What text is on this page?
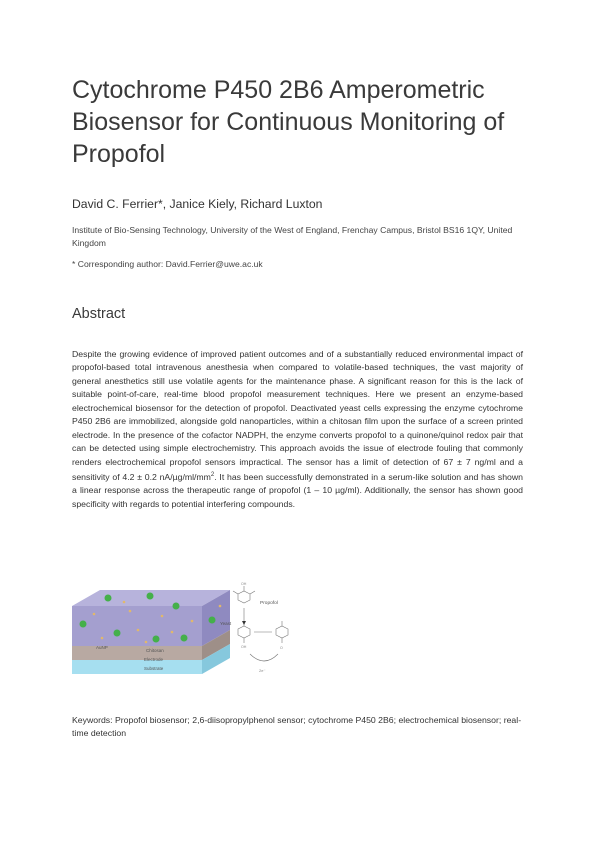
Cytochrome P450 2B6 Amperometric Biosensor for Continuous Monitoring of Propofol
David C. Ferrier*, Janice Kiely, Richard Luxton
Institute of Bio-Sensing Technology, University of the West of England, Frenchay Campus, Bristol BS16 1QY, United Kingdom
* Corresponding author: David.Ferrier@uwe.ac.uk
Abstract

Despite the growing evidence of improved patient outcomes and of a substantially reduced environmental impact of propofol-based total intravenous anesthesia when compared to volatile-based techniques, the vast majority of general anesthetics still use volatile agents for the maintenance phase. A significant reason for this is the lack of suitable point-of-care, real-time blood propofol measurement techniques. Here we present an enzyme-based electrochemical biosensor for the detection of propofol. Deactivated yeast cells expressing the enzyme cytochrome P450 2B6 are immobilized, alongside gold nanoparticles, within a chitosan film upon the surface of a screen printed electrode. In the presence of the cofactor NADPH, the enzyme converts propofol to a quinone/quinol redox pair that can be detected using simple electrochemistry. This approach avoids the issue of electrode fouling that commonly renders electrochemical propofol sensors impractical. The sensor has a limit of detection of 67 ± 7 ng/ml and a sensitivity of 4.2 ± 0.2 $nA/\mu g/ml/mm^2$. It has been successfully demonstrated in a serum-like solution and has shown a linear response across the therapeutic range of propofol (1 – 10 µg/ml). Additionally, the sensor has shown good specificity with regards to potential interfering compounds.

Yeast
AuNP
Chitosan
Electrode
Substrate
Propofol
OH
OH	O
2e⁻

Keywords: Propofol biosensor; 2,6-diisopropylphenol sensor; cytochrome P450 2B6; electrochemical biosensor; real-time detection
